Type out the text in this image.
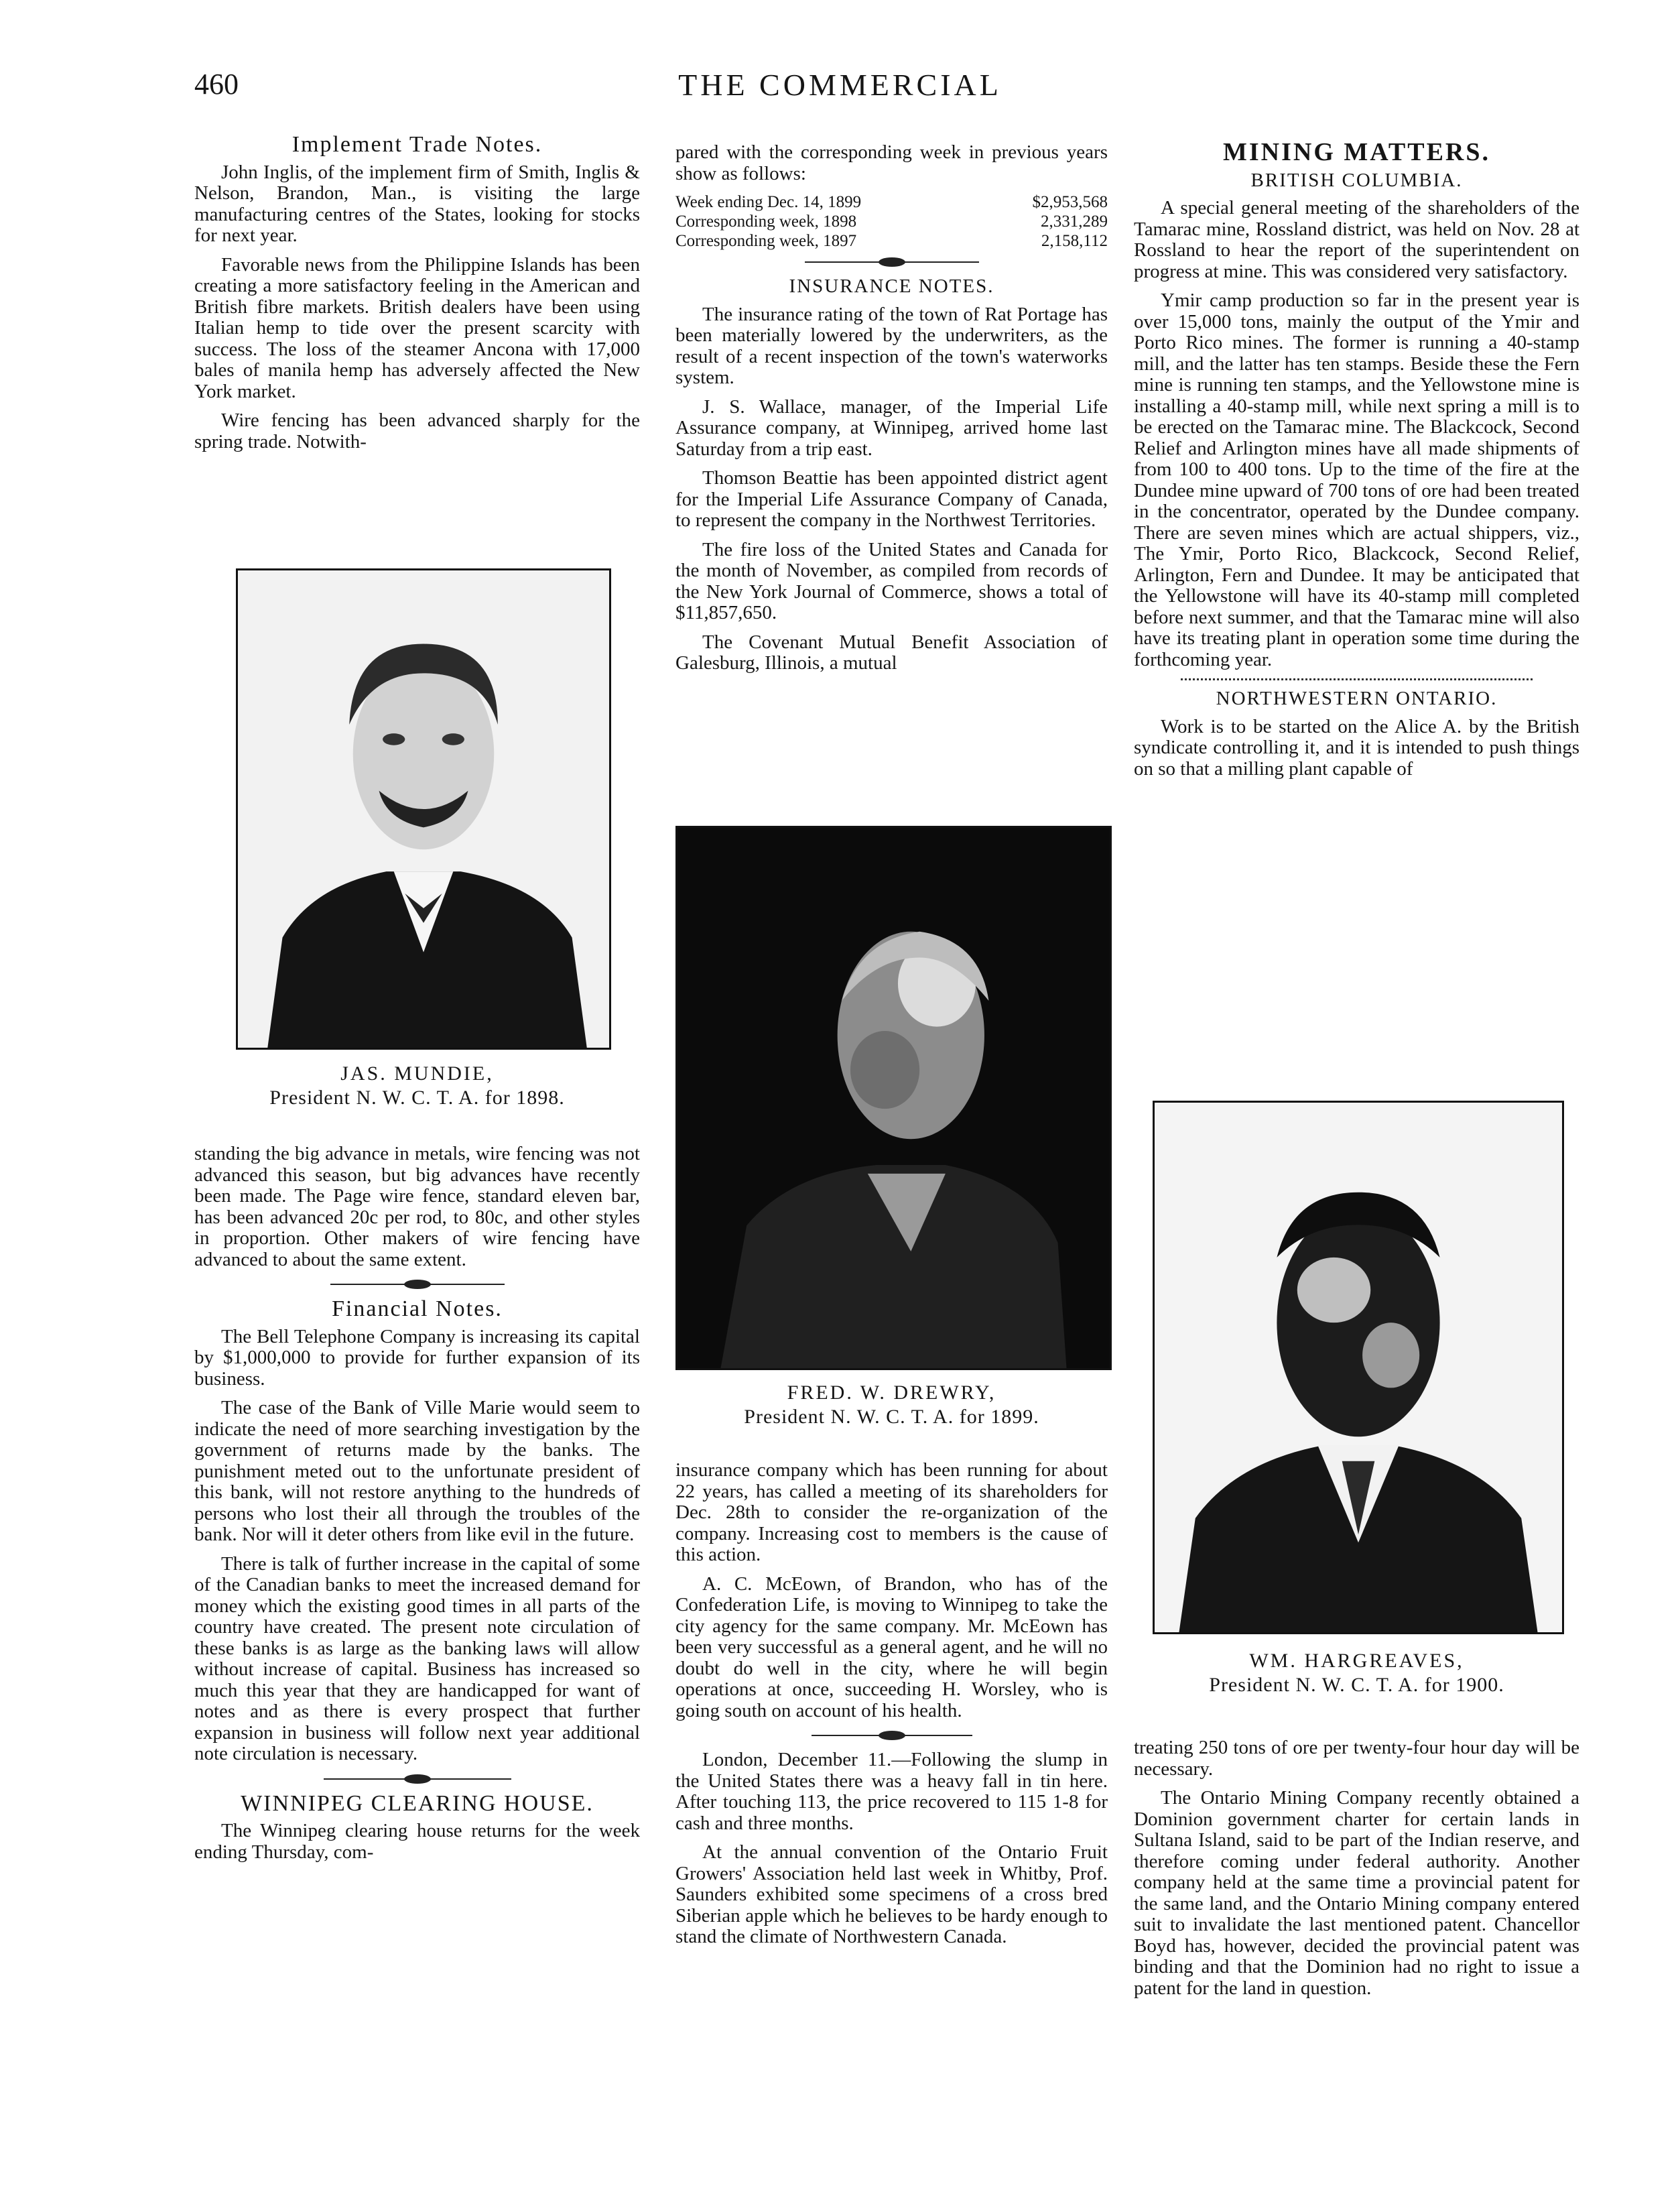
460	THE COMMERCIAL
Implement Trade Notes.

John Inglis, of the implement firm of Smith, Inglis & Nelson, Brandon, Man., is visiting the large manufacturing centres of the States, looking for stocks for next year.

Favorable news from the Philippine Islands has been creating a more satisfactory feeling in the American and British fibre markets. British dealers have been using Italian hemp to tide over the present scarcity with success. The loss of the steamer Ancona with 17,000 bales of manila hemp has adversely affected the New York market.

Wire fencing has been advanced sharply for the spring trade. Notwith-

JAS. MUNDIE,
President N. W. C. T. A. for 1898.

standing the big advance in metals, wire fencing was not advanced this season, but big advances have recently been made. The Page wire fence, standard eleven bar, has been advanced 20c per rod, to 80c, and other styles in proportion. Other makers of wire fencing have advanced to about the same extent.

Financial Notes.

The Bell Telephone Company is increasing its capital by $1,000,000 to provide for further expansion of its business.

The case of the Bank of Ville Marie would seem to indicate the need of more searching investigation by the government of returns made by the banks. The punishment meted out to the unfortunate president of this bank, will not restore anything to the hundreds of persons who lost their all through the troubles of the bank. Nor will it deter others from like evil in the future.

There is talk of further increase in the capital of some of the Canadian banks to meet the increased demand for money which the existing good times in all parts of the country have created. The present note circulation of these banks is as large as the banking laws will allow without increase of capital. Business has increased so much this year that they are handicapped for want of notes and as there is every prospect that further expansion in business will follow next year additional note circulation is necessary.

WINNIPEG CLEARING HOUSE.

The Winnipeg clearing house returns for the week ending Thursday, com-

pared with the corresponding week in previous years show as follows:

Week ending Dec. 14, 1899	$2,953,568
Corresponding week, 1898	2,331,289
Corresponding week, 1897	2,158,112
INSURANCE NOTES.

The insurance rating of the town of Rat Portage has been materially lowered by the underwriters, as the result of a recent inspection of the town's waterworks system.

J. S. Wallace, manager, of the Imperial Life Assurance company, at Winnipeg, arrived home last Saturday from a trip east.

Thomson Beattie has been appointed district agent for the Imperial Life Assurance Company of Canada, to represent the company in the Northwest Territories.

The fire loss of the United States and Canada for the month of November, as compiled from records of the New York Journal of Commerce, shows a total of $11,857,650.

The Covenant Mutual Benefit Association of Galesburg, Illinois, a mutual

FRED. W. DREWRY,
President N. W. C. T. A. for 1899.

insurance company which has been running for about 22 years, has called a meeting of its shareholders for Dec. 28th to consider the re-organization of the company. Increasing cost to members is the cause of this action.

A. C. McEown, of Brandon, who has of the Confederation Life, is moving to Winnipeg to take the city agency for the same company. Mr. McEown has been very successful as a general agent, and he will no doubt do well in the city, where he will begin operations at once, succeeding H. Worsley, who is going south on account of his health.

London, December 11.—Following the slump in the United States there was a heavy fall in tin here. After touching 113, the price recovered to 115 1-8 for cash and three months.

At the annual convention of the Ontario Fruit Growers' Association held last week in Whitby, Prof. Saunders exhibited some specimens of a cross bred Siberian apple which he believes to be hardy enough to stand the climate of Northwestern Canada.

MINING MATTERS.
BRITISH COLUMBIA.

A special general meeting of the shareholders of the Tamarac mine, Rossland district, was held on Nov. 28 at Rossland to hear the report of the superintendent on progress at mine. This was considered very satisfactory.

Ymir camp production so far in the present year is over 15,000 tons, mainly the output of the Ymir and Porto Rico mines. The former is running a 40-stamp mill, and the latter has ten stamps. Beside these the Fern mine is running ten stamps, and the Yellowstone mine is installing a 40-stamp mill, while next spring a mill is to be erected on the Tamarac mine. The Blackcock, Second Relief and Arlington mines have all made shipments of from 100 to 400 tons. Up to the time of the fire at the Dundee mine upward of 700 tons of ore had been treated in the concentrator, operated by the Dundee company. There are seven mines which are actual shippers, viz., The Ymir, Porto Rico, Blackcock, Second Relief, Arlington, Fern and Dundee. It may be anticipated that the Yellowstone will have its 40-stamp mill completed before next summer, and that the Tamarac mine will also have its treating plant in operation some time during the forthcoming year.

NORTHWESTERN ONTARIO.

Work is to be started on the Alice A. by the British syndicate controlling it, and it is intended to push things on so that a milling plant capable of

WM. HARGREAVES,
President N. W. C. T. A. for 1900.

treating 250 tons of ore per twenty-four hour day will be necessary.

The Ontario Mining Company recently obtained a Dominion government charter for certain lands in Sultana Island, said to be part of the Indian reserve, and therefore coming under federal authority. Another company held at the same time a provincial patent for the same land, and the Ontario Mining company entered suit to invalidate the last mentioned patent. Chancellor Boyd has, however, decided the provincial patent was binding and that the Dominion had no right to issue a patent for the land in question.
